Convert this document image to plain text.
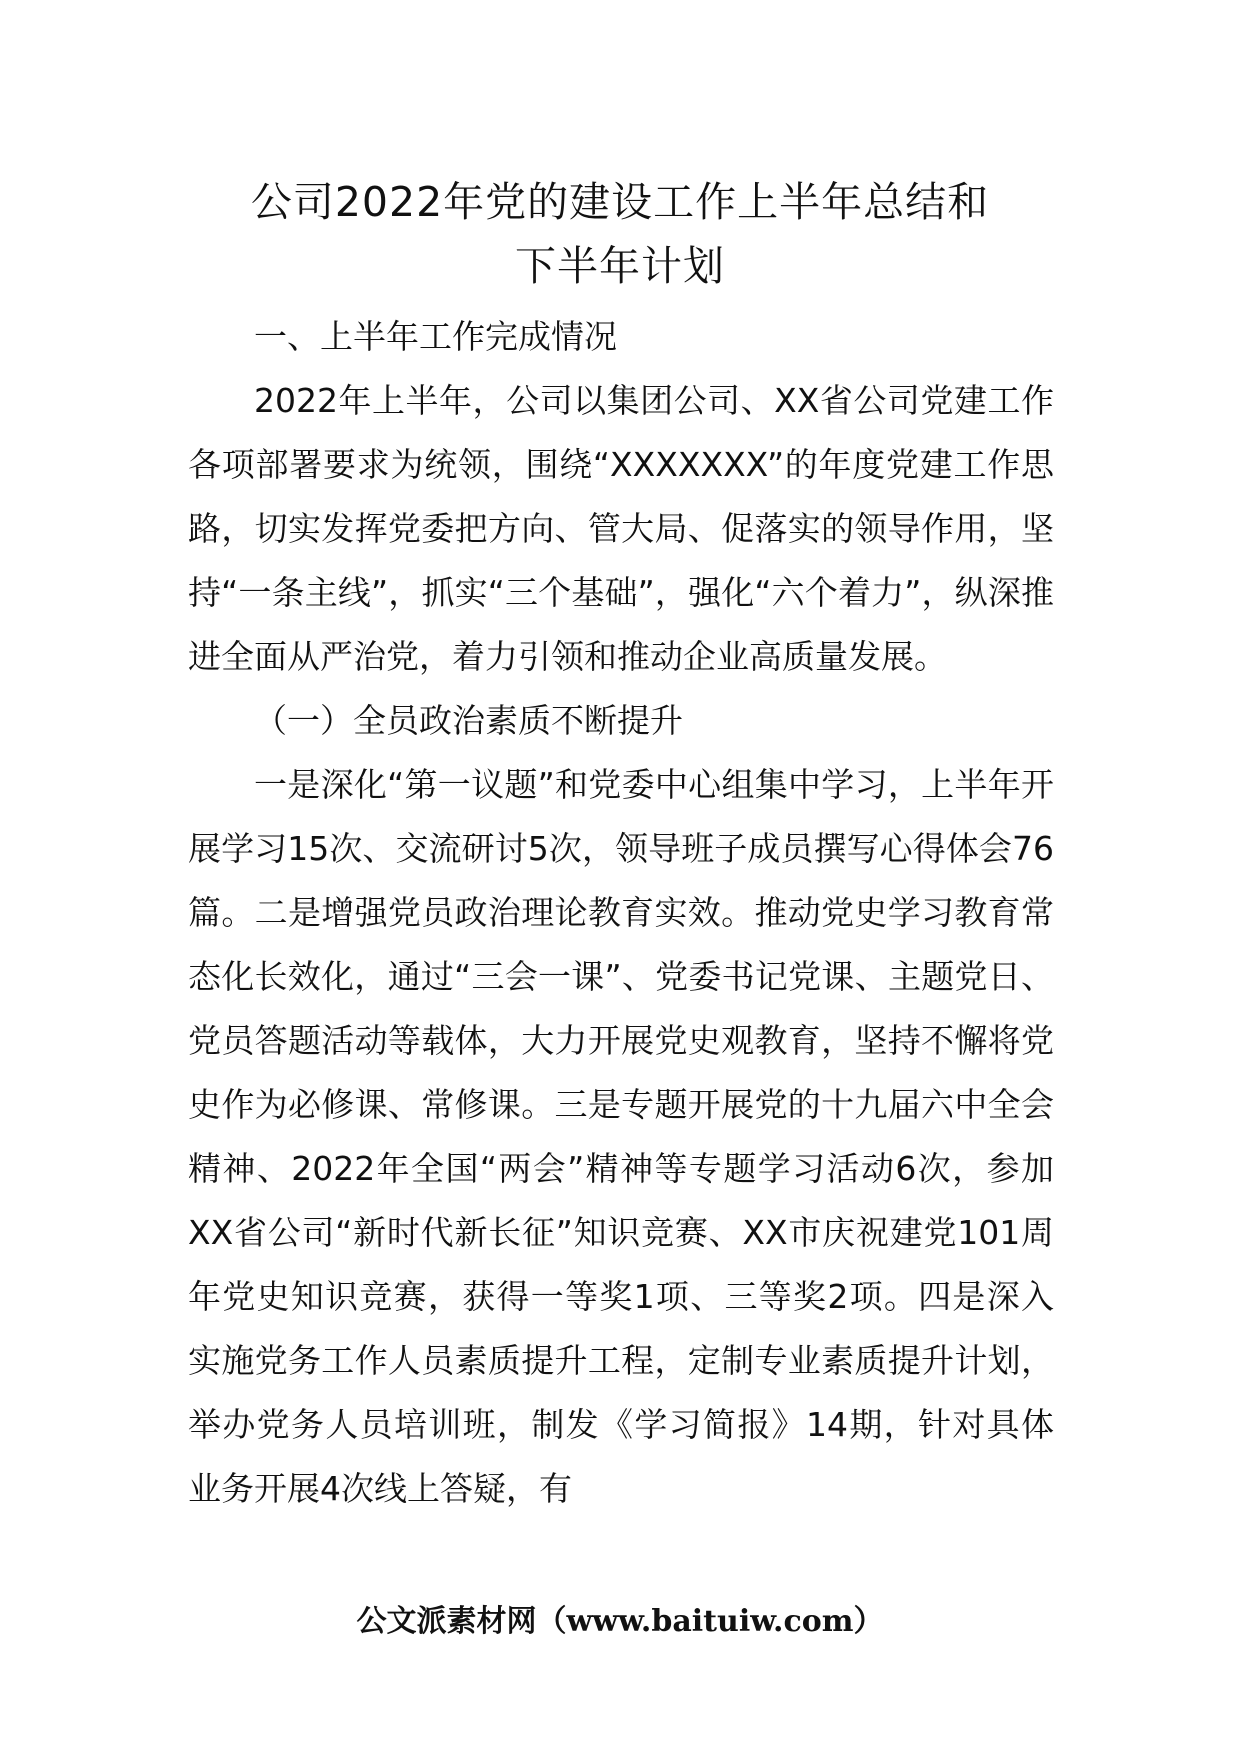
公司2022年党的建设工作上半年总结和
下半年计划

一、上半年工作完成情况

2022年上半年，公司以集团公司、XX省公司党建工作各项部署要求为统领，围绕“XXXXXXX”的年度党建工作思路，切实发挥党委把方向、管大局、促落实的领导作用，坚持“一条主线”，抓实“三个基础”，强化“六个着力”，纵深推进全面从严治党，着力引领和推动企业高质量发展。

（一）全员政治素质不断提升

一是深化“第一议题”和党委中心组集中学习，上半年开展学习15次、交流研讨5次，领导班子成员撰写心得体会76篇。二是增强党员政治理论教育实效。推动党史学习教育常态化长效化，通过“三会一课”、党委书记党课、主题党日、党员答题活动等载体，大力开展党史观教育，坚持不懈将党史作为必修课、常修课。三是专题开展党的十九届六中全会精神、2022年全国“两会”精神等专题学习活动6次，参加XX省公司“新时代新长征”知识竞赛、XX市庆祝建党101周年党史知识竞赛，获得一等奖1项、三等奖2项。四是深入实施党务工作人员素质提升工程，定制专业素质提升计划，举办党务人员培训班，制发《学习简报》14期，针对具体业务开展4次线上答疑，有

公文派素材网（www.baituiw.com）
